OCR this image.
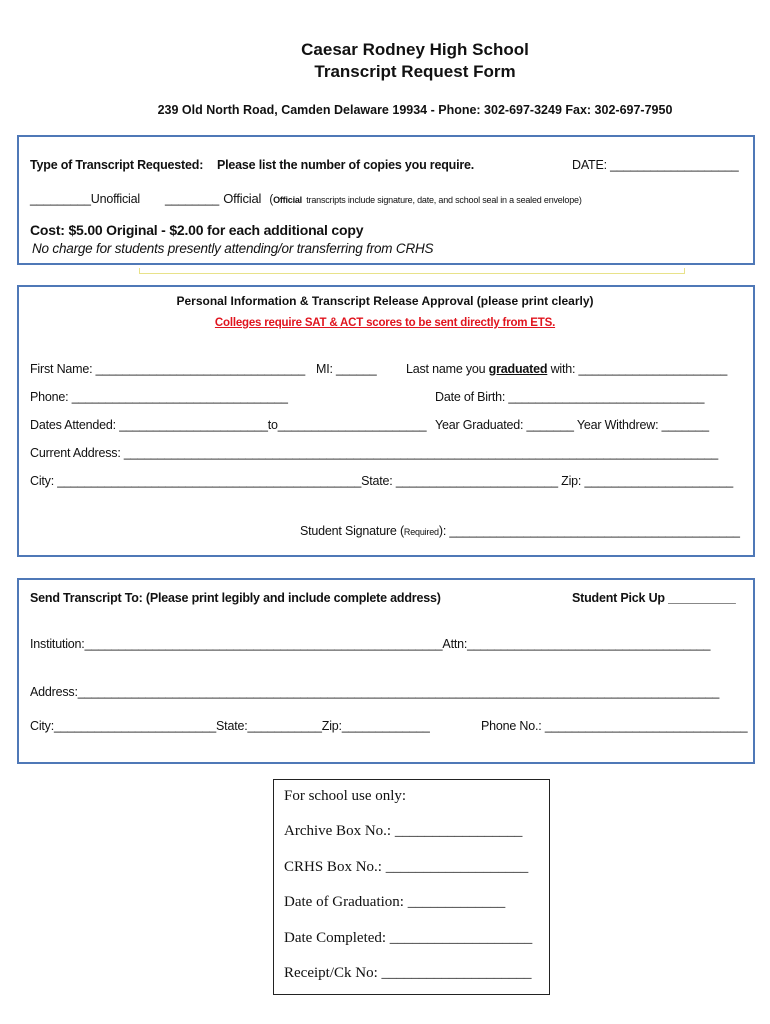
Caesar Rodney High School
Transcript Request Form
239 Old North Road, Camden Delaware 19934 - Phone: 302-697-3249 Fax: 302-697-7950
Type of Transcript Requested: Please list the number of copies you require.	DATE: ___________________
_________Unofficial ________ Official (Official transcripts include signature, date, and school seal in a sealed envelope)
Cost: $5.00 Original - $2.00 for each additional copy
No charge for students presently attending/or transferring from CRHS
Personal Information & Transcript Release Approval (please print clearly)
Colleges require SAT & ACT scores to be sent directly from ETS.
First Name: _______________________________ MI: ______ Last name you graduated with: ______________________
Phone: ________________________________	Date of Birth: _____________________________
Dates Attended: ______________________to______________________ Year Graduated: _______ Year Withdrew: _______
Current Address: ________________________________________________________________________________________
City: _____________________________________________State: ________________________ Zip: ______________________
Student Signature (Required): ___________________________________________
Send Transcript To: (Please print legibly and include complete address)	Student Pick Up __________
Institution:_____________________________________________________Attn:____________________________________
Address:_______________________________________________________________________________________________
City:________________________State:___________Zip:_____________	Phone No.: ______________________________
For school use only:
Archive Box No.: _________________
CRHS Box No.: ___________________
Date of Graduation: _____________
Date Completed: ___________________
Receipt/Ck No: ____________________
